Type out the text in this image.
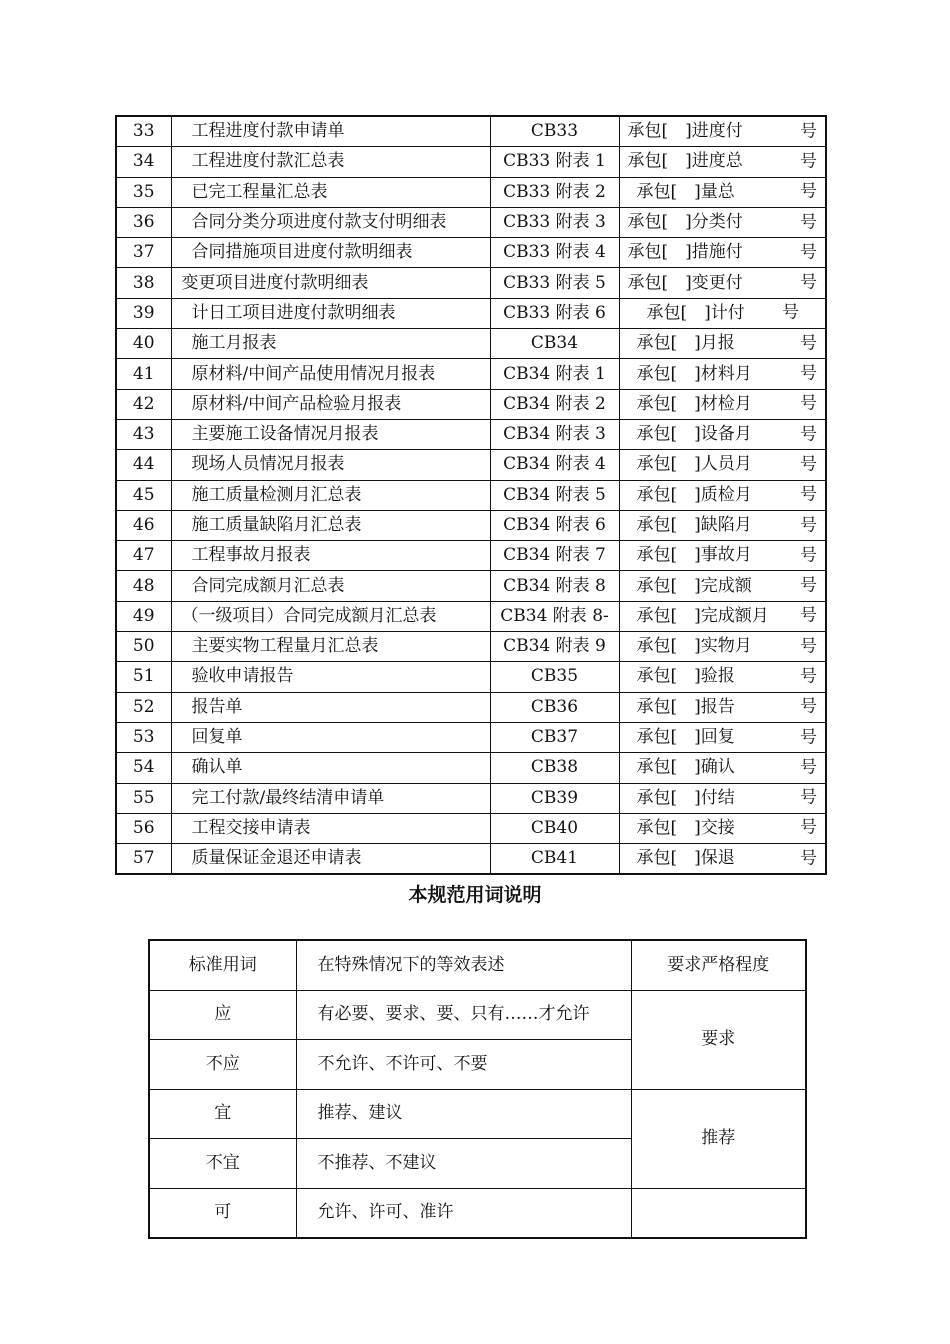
33	工程进度付款申请单	CB33	承包[　]进度付 号

34	工程进度付款汇总表	CB33 附表 1	承包[　]进度总 号

35	已完工程量汇总表	CB33 附表 2	承包[　]量总 号

36	合同分类分项进度付款支付明细表	CB33 附表 3	承包[　]分类付 号

37	合同措施项目进度付款明细表	CB33 附表 4	承包[　]措施付 号

38	变更项目进度付款明细表	CB33 附表 5	承包[　]变更付 号

39	计日工项目进度付款明细表	CB33 附表 6	承包[　]计付 号

40	施工月报表	CB34	承包[　]月报 号

41	原材料/中间产品使用情况月报表	CB34 附表 1	承包[　]材料月 号

42	原材料/中间产品检验月报表	CB34 附表 2	承包[　]材检月 号

43	主要施工设备情况月报表	CB34 附表 3	承包[　]设备月 号

44	现场人员情况月报表	CB34 附表 4	承包[　]人员月 号

45	施工质量检测月汇总表	CB34 附表 5	承包[　]质检月 号

46	施工质量缺陷月汇总表	CB34 附表 6	承包[　]缺陷月 号

47	工程事故月报表	CB34 附表 7	承包[　]事故月 号

48	合同完成额月汇总表	CB34 附表 8	承包[　]完成额 号

49	（一级项目）合同完成额月汇总表	CB34 附表 8-	承包[　]完成额月 号

50	主要实物工程量月汇总表	CB34 附表 9	承包[　]实物月 号

51	验收申请报告	CB35	承包[　]验报 号

52	报告单	CB36	承包[　]报告 号

53	回复单	CB37	承包[　]回复 号

54	确认单	CB38	承包[　]确认 号

55	完工付款/最终结清申请单	CB39	承包[　]付结 号

56	工程交接申请表	CB40	承包[　]交接 号

57	质量保证金退还申请表	CB41	承包[　]保退 号
本规范用词说明
标准用词	在特殊情况下的等效表述	要求严格程度
应	有必要、要求、要、只有……才允许	要求
不应	不允许、不许可、不要	
宜	推荐、建议	推荐
不宜	不推荐、不建议	
可	允许、许可、准许	
